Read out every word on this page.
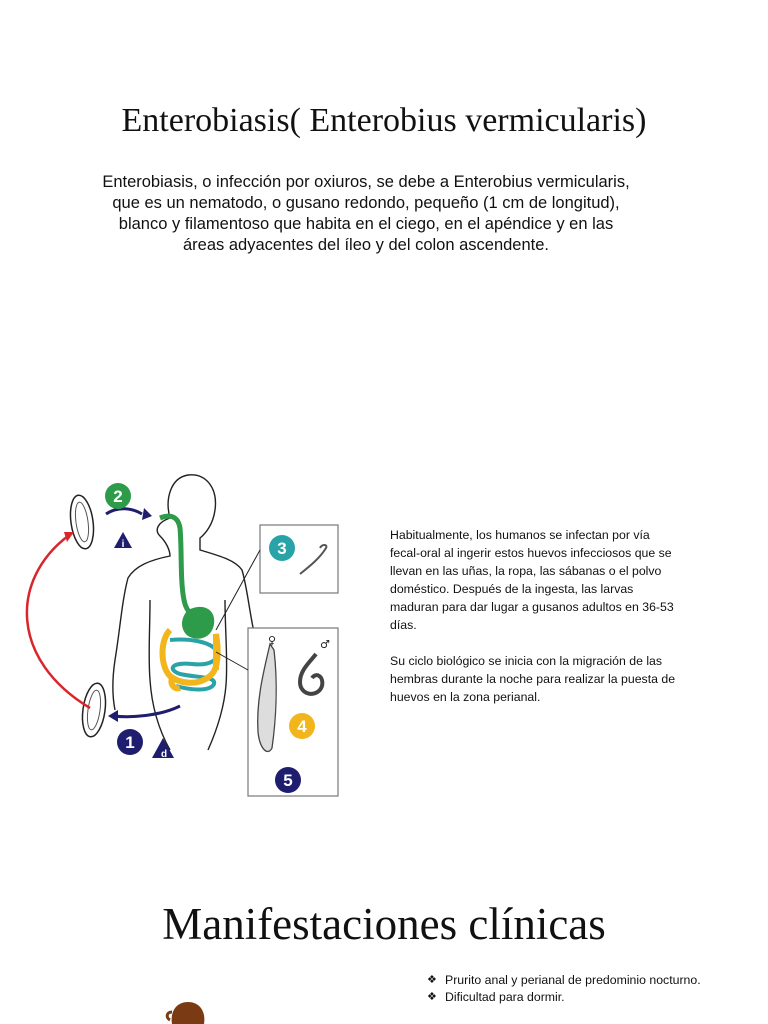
Enterobiasis( Enterobius vermicularis)

Enterobiasis, o infección por oxiuros, se debe a Enterobius vermicularis, que es un nematodo, o gusano redondo, pequeño (1 cm de longitud), blanco y filamentoso que habita en el ciego, en el apéndice y en las áreas adyacentes del íleo y del colon ascendente.

2
i
1
d
3
♀	♂
4
5

Habitualmente, los humanos se infectan por vía fecal-oral al ingerir estos huevos infecciosos que se llevan en las uñas, la ropa, las sábanas o el polvo doméstico. Después de la ingesta, las larvas maduran para dar lugar a gusanos adultos en 36-53 días.

Su ciclo biológico se inicia con la migración de las hembras durante la noche para realizar la puesta de huevos en la zona perianal.

Manifestaciones clínicas
❖ Prurito anal y perianal de predominio nocturno.
❖ Dificultad para dormir.
